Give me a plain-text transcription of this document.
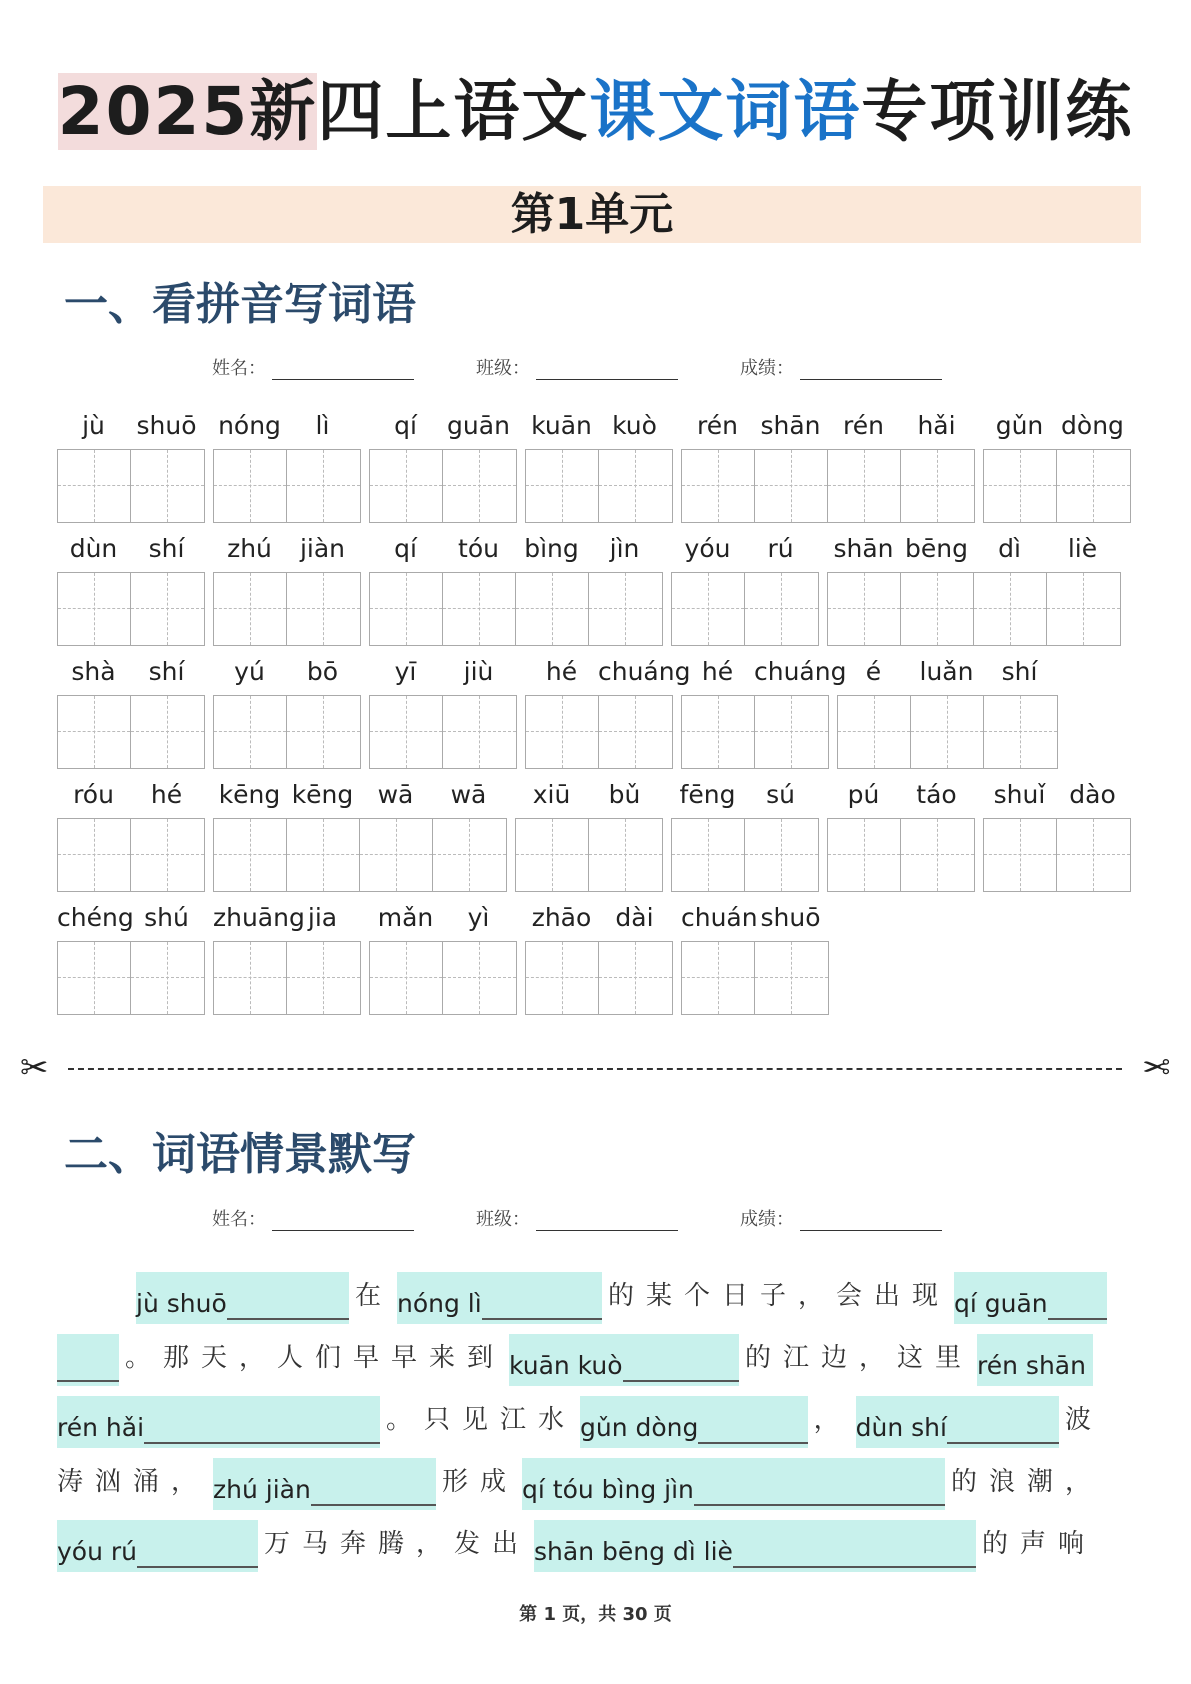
2025新四上语文课文词语专项训练
第1单元
一、看拼音写词语
姓名：	班级：	成绩：
jù	shuō nóng	lì	qí	guān kuān kuò	rén shān rén	hǎi	gǔn dòng
dùn	shí	zhú	jiàn	qí	tóu	bìng	jìn	yóu	rú	shān bēng	dì	liè
shà	shí	yú	bō	yī	jiù	hé chuáng hé chuáng é	luǎn	shí
róu	hé	kēng kēng wā	wā	xiū	bǔ	fēng	sú	pú	táo	shuǐ dào
chéng shú zhuāng jia	mǎn	yì	zhāo dài	chuán shuō
✂	✂
二、词语情景默写
姓名：	班级：	成绩：
jù shuō	在 nóng lì	的某个日子，会出现 qí guān
。那天，人们早早来到 kuān kuò	的江边，这里 rén shān
rén hǎi	。只见江水 gǔn dòng	， dùn shí	波
涛汹涌， zhú jiàn	形成 qí tóu bìng jìn	的浪潮，
yóu rú	万马奔腾，发出 shān bēng dì liè	的声响
第 1 页，共 30 页
